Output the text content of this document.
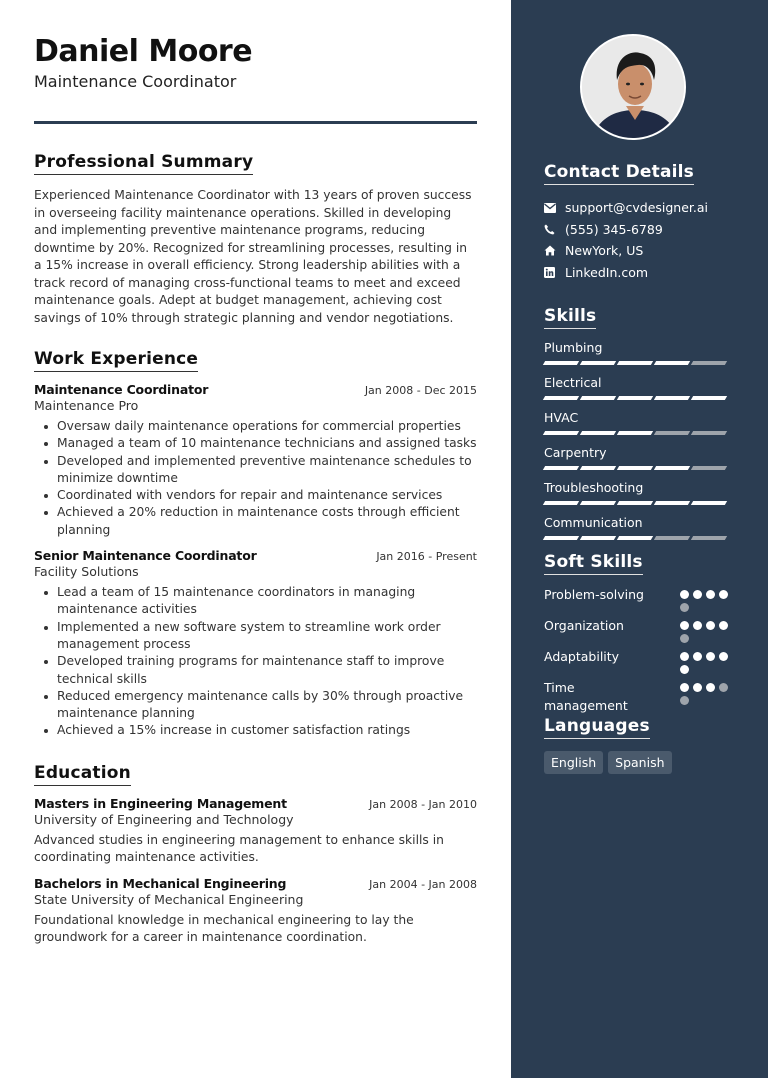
Daniel Moore
Maintenance Coordinator
Professional Summary
Experienced Maintenance Coordinator with 13 years of proven success in overseeing facility maintenance operations. Skilled in developing and implementing preventive maintenance programs, reducing downtime by 20%. Recognized for streamlining processes, resulting in a 15% increase in overall efficiency. Strong leadership abilities with a track record of managing cross-functional teams to meet and exceed maintenance goals. Adept at budget management, achieving cost savings of 10% through strategic planning and vendor negotiations.
Work Experience
Maintenance Coordinator	Jan 2008 - Dec 2015
Maintenance Pro
Oversaw daily maintenance operations for commercial properties
Managed a team of 10 maintenance technicians and assigned tasks
Developed and implemented preventive maintenance schedules to minimize downtime
Coordinated with vendors for repair and maintenance services
Achieved a 20% reduction in maintenance costs through efficient planning
Senior Maintenance Coordinator	Jan 2016 - Present
Facility Solutions
Lead a team of 15 maintenance coordinators in managing maintenance activities
Implemented a new software system to streamline work order management process
Developed training programs for maintenance staff to improve technical skills
Reduced emergency maintenance calls by 30% through proactive maintenance planning
Achieved a 15% increase in customer satisfaction ratings
Education
Masters in Engineering Management	Jan 2008 - Jan 2010
University of Engineering and Technology
Advanced studies in engineering management to enhance skills in coordinating maintenance activities.
Bachelors in Mechanical Engineering	Jan 2004 - Jan 2008
State University of Mechanical Engineering
Foundational knowledge in mechanical engineering to lay the groundwork for a career in maintenance coordination.
Contact Details
support@cvdesigner.ai
(555) 345-6789
NewYork, US
LinkedIn.com
Skills
Plumbing
Electrical
HVAC
Carpentry
Troubleshooting
Communication
Soft Skills
Problem-solving
Organization
Adaptability
Time management
Languages
English	Spanish
